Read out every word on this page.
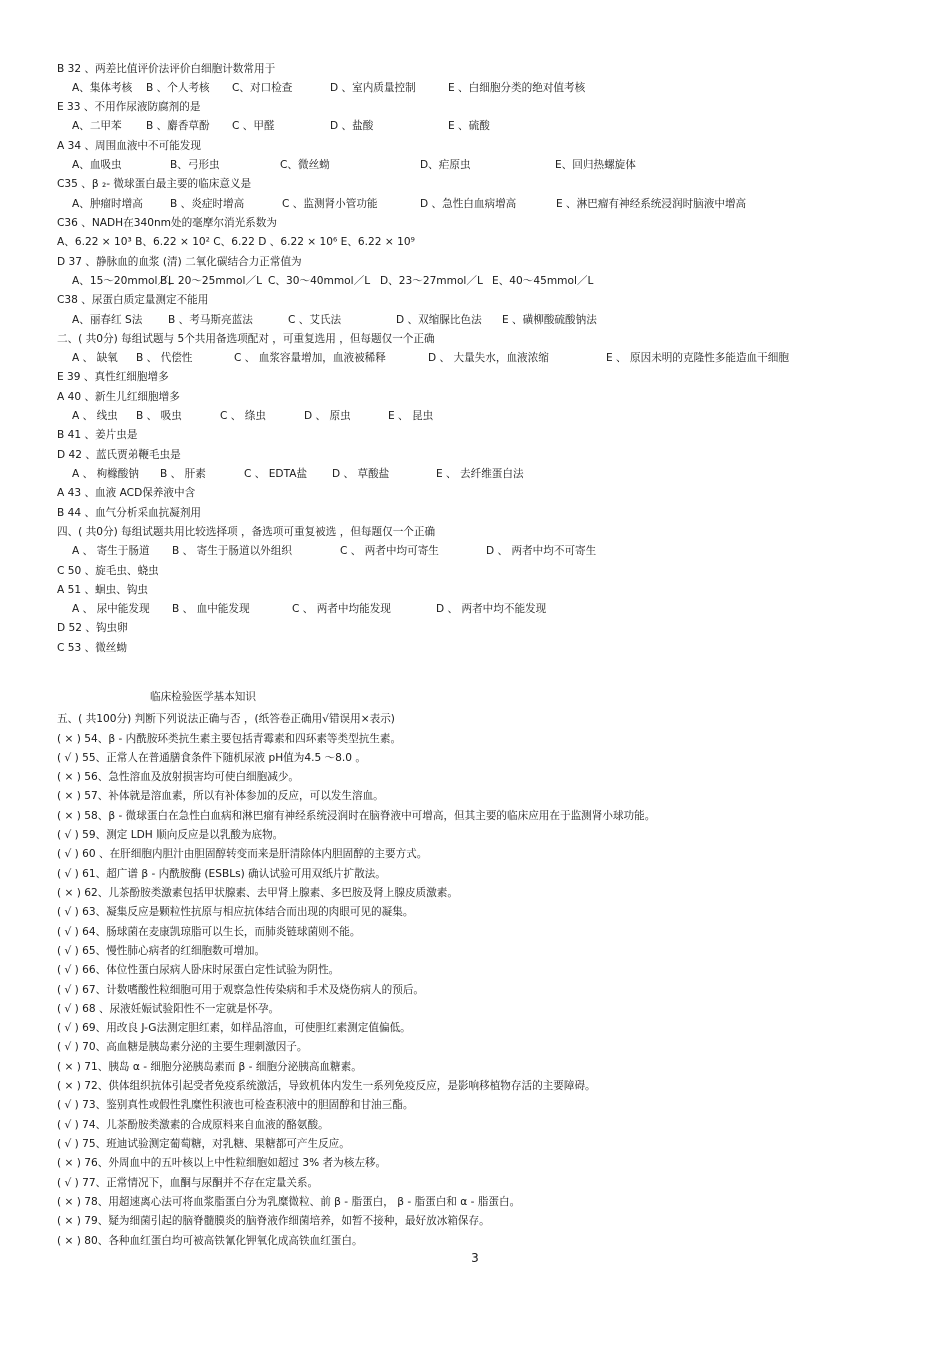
B 32 、两差比值评价法评价白细胞计数常用于
A、集体考核 B 、个人考核 C、对口检查	D 、室内质量控制	E 、白细胞分类的绝对值考核
E 33 、不用作尿液防腐剂的是
A、二甲苯 B 、麝香草酚 C 、甲醛	D 、盐酸	E 、硫酸
A 34 、周围血液中不可能发现
A、血吸虫	B、弓形虫	C、微丝蚴	D、疟原虫	E、回归热螺旋体
C35 、β ₂- 微球蛋白最主要的临床意义是
A、肿瘤时增高	B 、炎症时增高	C 、监测肾小管功能	D 、急性白血病增高	E 、淋巴瘤有神经系统浸润时脑液中增高
C36 、NADH在340nm处的毫摩尔消光系数为
A、6.22 × 10³ B、6.22 × 10² C、6.22 D 、6.22 × 10⁶ E、6.22 × 10⁹
D 37 、静脉血的血浆 (清) 二氧化碳结合力正常值为
A、15～20mmol／L
B、20～25mmol／L C、30～40mmol／L D、23～27mmol／L E、40～45mmol／L
C38 、尿蛋白质定量测定不能用
A、丽春红 S法 B 、考马斯亮蓝法	C 、艾氏法	D 、双缩脲比色法 E 、磺柳酸硫酸钠法
二、( 共0分) 每组试题与 5个共用备选项配对 ，可重复选用 ，但每题仅一个正确
A 、 缺氧 B 、 代偿性	C 、 血浆容量增加，血液被稀释	D 、 大量失水，血液浓缩	E 、 原因未明的克隆性多能造血干细胞
E 39 、真性红细胞增多
A 40 、新生儿红细胞增多
A 、 线虫 B 、 吸虫	C 、 绦虫	D 、 原虫	E 、 昆虫
B 41 、姜片虫是
D 42 、蓝氏贾弟鞭毛虫是
A 、 枸橼酸钠 B 、 肝素	C 、 EDTA盐 D 、 草酸盐	E 、 去纤维蛋白法
A 43 、血液 ACD保养液中含
B 44 、血气分析采血抗凝剂用
四、( 共0分) 每组试题共用比较选择项 ，备选项可重复被选 ，但每题仅一个正确
A 、 寄生于肠道 B 、 寄生于肠道以外组织	C 、 两者中均可寄生	D 、 两者中均不可寄生
C 50 、旋毛虫、蛲虫
A 51 、蛔虫、钩虫
A 、 尿中能发现 B 、 血中能发现	C 、 两者中均能发现	D 、 两者中均不能发现
D 52 、钩虫卵
C 53 、微丝蚴
临床检验医学基本知识
五、( 共100分) 判断下列说法正确与否 ，(纸答卷正确用√错误用×表示)
( × ) 54、β - 内酰胺环类抗生素主要包括青霉素和四环素等类型抗生素。
( √ ) 55、正常人在普通膳食条件下随机尿液 pH值为4.5 ～8.0 。
( × ) 56、急性溶血及放射损害均可使白细胞减少。
( × ) 57、补体就是溶血素，所以有补体参加的反应，可以发生溶血。
( × ) 58、β - 微球蛋白在急性白血病和淋巴瘤有神经系统浸润时在脑脊液中可增高，但其主要的临床应用在于监测肾小球功能。
( √ ) 59、测定 LDH 顺向反应是以乳酸为底物。
( √ ) 60 、在肝细胞内胆汁由胆固醇转变而来是肝清除体内胆固醇的主要方式。
( √ ) 61、超广谱 β - 内酰胺酶 (ESBLs) 确认试验可用双纸片扩散法。
( × ) 62、儿茶酚胺类激素包括甲状腺素、去甲肾上腺素、多巴胺及肾上腺皮质激素。
( √ ) 63、凝集反应是颗粒性抗原与相应抗体结合而出现的肉眼可见的凝集。
( √ ) 64、肠球菌在麦康凯琼脂可以生长，而肺炎链球菌则不能。
( √ ) 65、慢性肺心病者的红细胞数可增加。
( √ ) 66、体位性蛋白尿病人卧床时尿蛋白定性试验为阴性。
( √ ) 67、计数嗜酸性粒细胞可用于观察急性传染病和手术及烧伤病人的预后。
( √ ) 68 、尿液妊娠试验阳性不一定就是怀孕。
( √ ) 69、用改良 J-G法测定胆红素，如样品溶血，可使胆红素测定值偏低。
( √ ) 70、高血糖是胰岛素分泌的主要生理刺激因子。
( × ) 71、胰岛 α - 细胞分泌胰岛素而 β - 细胞分泌胰高血糖素。
( × ) 72、供体组织抗体引起受者免疫系统激活，导致机体内发生一系列免疫反应，是影响移植物存活的主要障碍。
( √ ) 73、鉴别真性或假性乳糜性积液也可检查积液中的胆固醇和甘油三酯。
( √ ) 74、儿茶酚胺类激素的合成原料来自血液的酪氨酸。
( √ ) 75、班迪试验测定葡萄糖，对乳糖、果糖都可产生反应。
( × ) 76、外周血中的五叶核以上中性粒细胞如超过 3% 者为核左移。
( √ ) 77、正常情况下，血酮与尿酮并不存在定量关系。
( × ) 78、用超速离心法可将血浆脂蛋白分为乳糜微粒、前 β - 脂蛋白， β - 脂蛋白和 α - 脂蛋白。
( × ) 79、疑为细菌引起的脑脊髓膜炎的脑脊液作细菌培养，如暂不接种，最好放冰箱保存。
( × ) 80、各种血红蛋白均可被高铁氰化钾氧化成高铁血红蛋白。
3
